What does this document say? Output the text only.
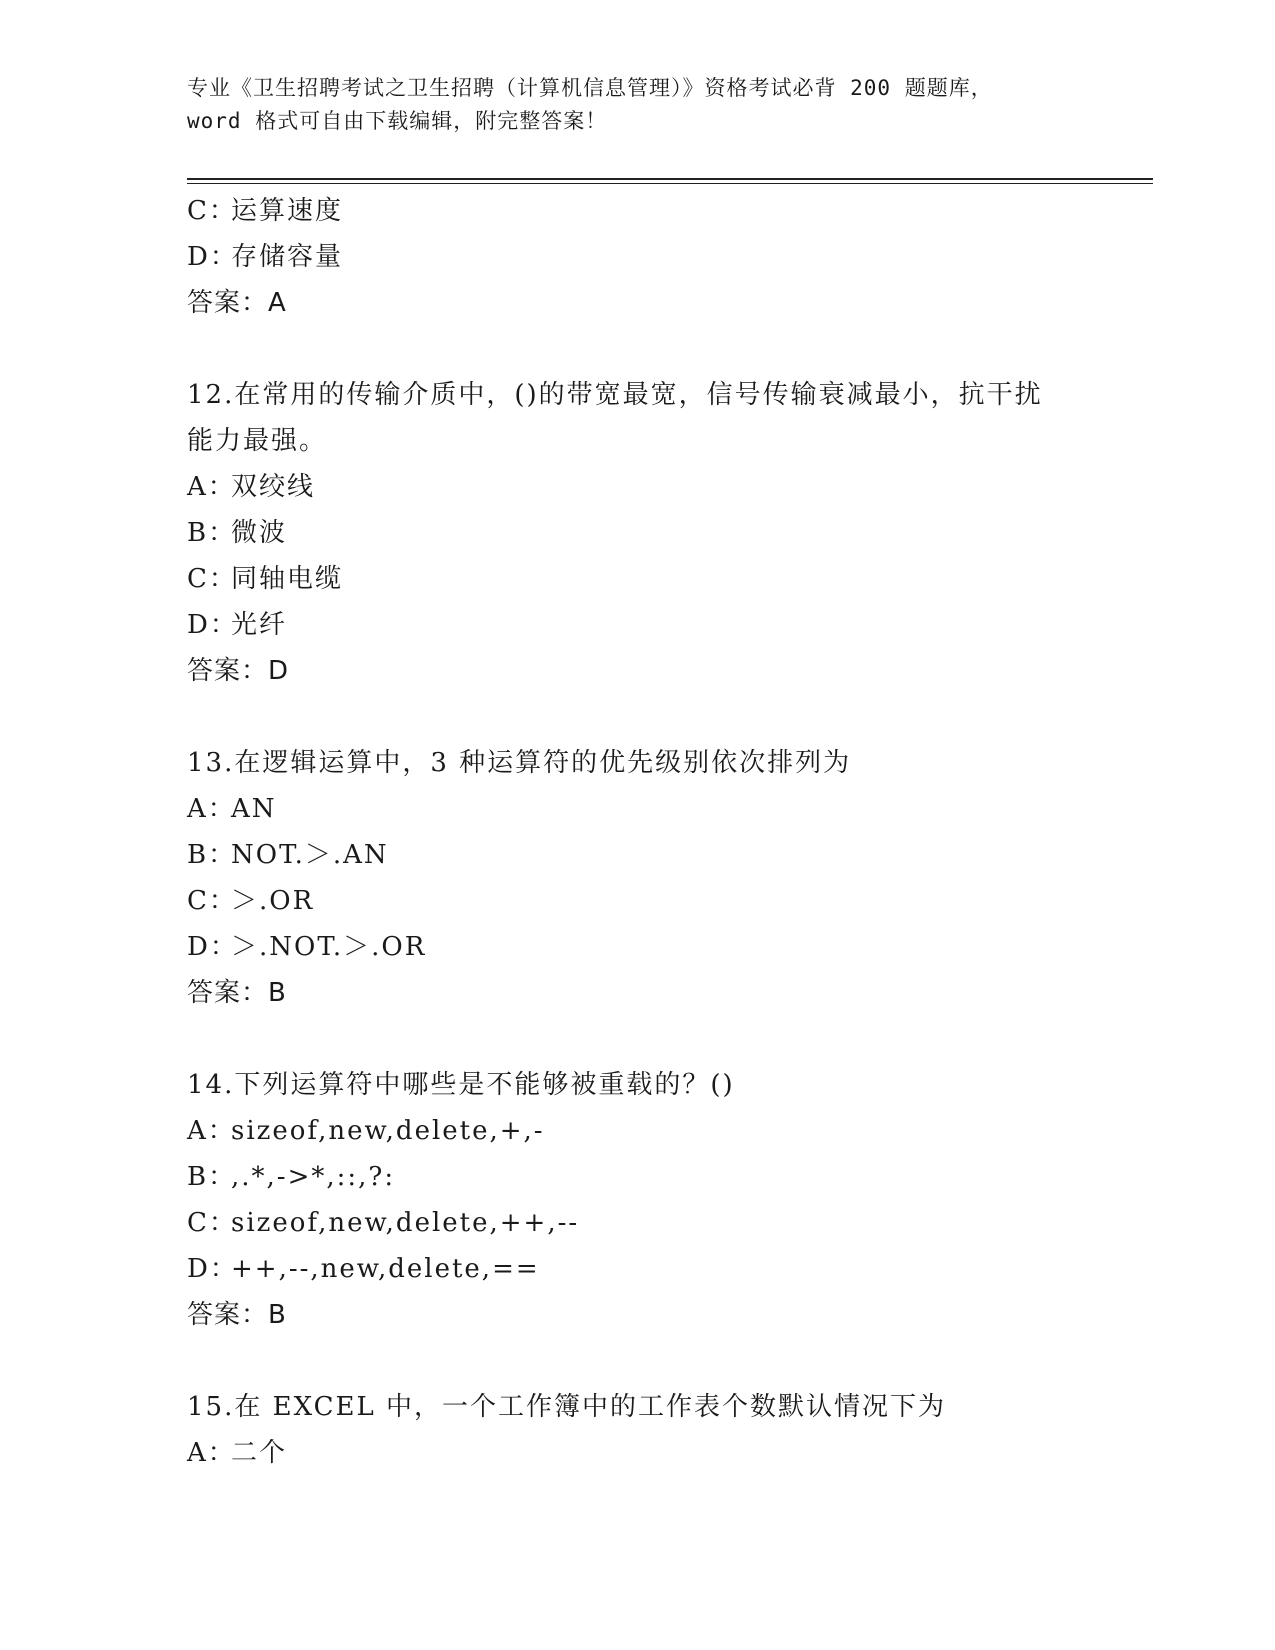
专业《卫生招聘考试之卫生招聘（计算机信息管理）》资格考试必背 200 题题库，
word 格式可自由下载编辑，附完整答案！
C：运算速度
D：存储容量
答案：A
12.在常用的传输介质中，()的带宽最宽，信号传输衰减最小，抗干扰
能力最强。
A：双绞线
B：微波
C：同轴电缆
D：光纤
答案：D
13.在逻辑运算中，3 种运算符的优先级别依次排列为
A：AN
B：NOT.＞.AN
C：＞.OR
D：＞.NOT.＞.OR
答案：B
14.下列运算符中哪些是不能够被重载的？()
A：sizeof,new,delete,+,-
B：,.*,->*,::,?:
C：sizeof,new,delete,++,--
D：++,--,new,delete,==
答案：B
15.在 EXCEL 中，一个工作簿中的工作表个数默认情况下为
A：二个
